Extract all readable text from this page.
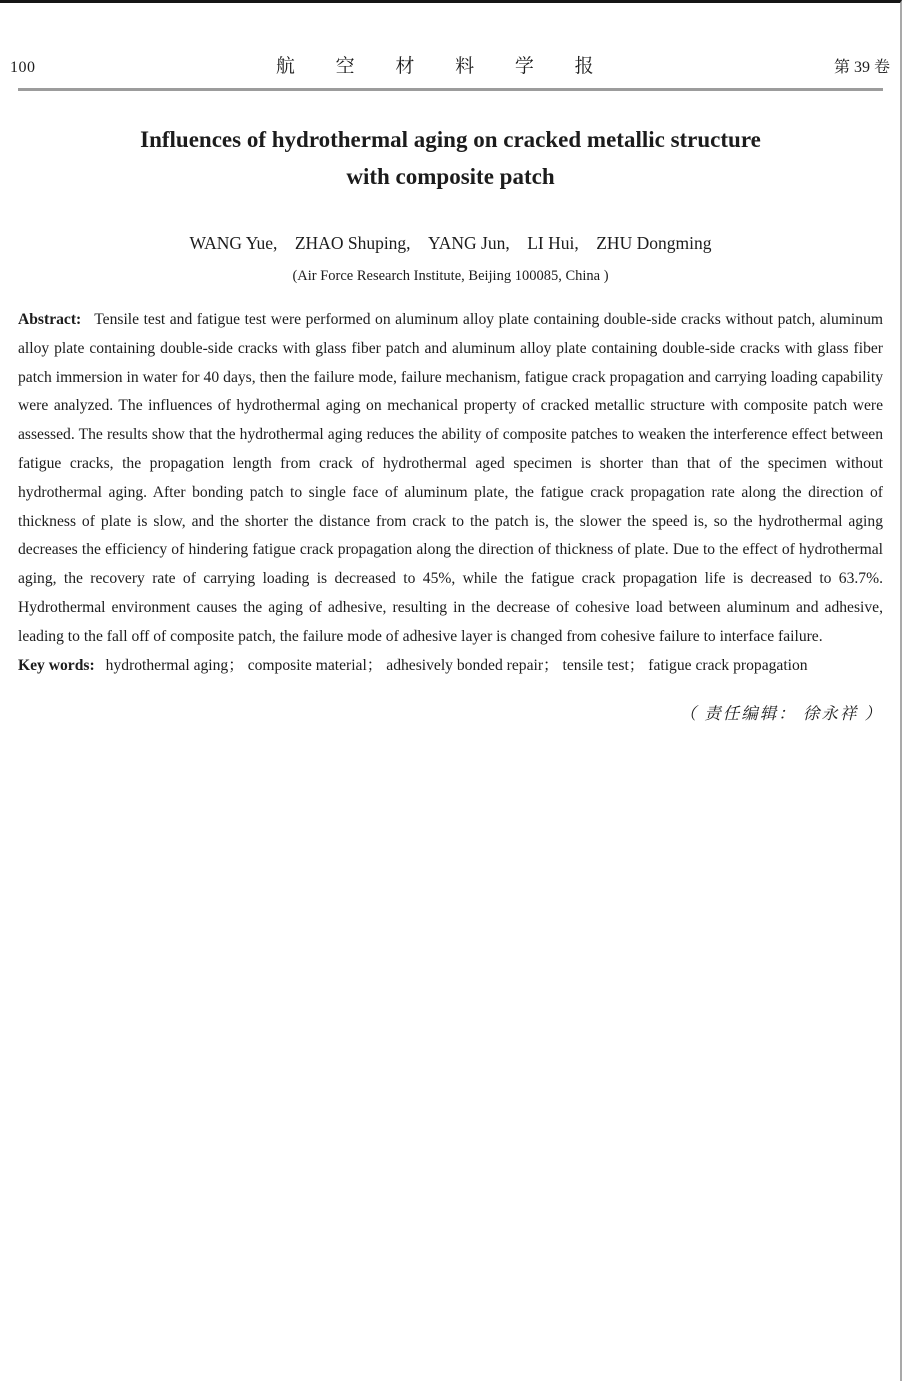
100	航 空 材 料 学 报	第 39 卷
Influences of hydrothermal aging on cracked metallic structure
with composite patch

WANG Yue, ZHAO Shuping, YANG Jun, LI Hui, ZHU Dongming

(Air Force Research Institute, Beijing 100085, China )

Abstract: Tensile test and fatigue test were performed on aluminum alloy plate containing double-side cracks without patch, aluminum alloy plate containing double-side cracks with glass fiber patch and aluminum alloy plate containing double-side cracks with glass fiber patch immersion in water for 40 days, then the failure mode, failure mechanism, fatigue crack propagation and carrying loading capability were analyzed. The influences of hydrothermal aging on mechanical property of cracked metallic structure with composite patch were assessed. The results show that the hydrothermal aging reduces the ability of composite patches to weaken the interference effect between fatigue cracks, the propagation length from crack of hydrothermal aged specimen is shorter than that of the specimen without hydrothermal aging. After bonding patch to single face of aluminum plate, the fatigue crack propagation rate along the direction of thickness of plate is slow, and the shorter the distance from crack to the patch is, the slower the speed is, so the hydrothermal aging decreases the efficiency of hindering fatigue crack propagation along the direction of thickness of plate. Due to the effect of hydrothermal aging, the recovery rate of carrying loading is decreased to 45%, while the fatigue crack propagation life is decreased to 63.7%. Hydrothermal environment causes the aging of adhesive, resulting in the decrease of cohesive load between aluminum and adhesive, leading to the fall off of composite patch, the failure mode of adhesive layer is changed from cohesive failure to interface failure.

Key words: hydrothermal aging； composite material； adhesively bonded repair； tensile test； fatigue crack propagation

（ 责任编辑： 徐永祥 ）
